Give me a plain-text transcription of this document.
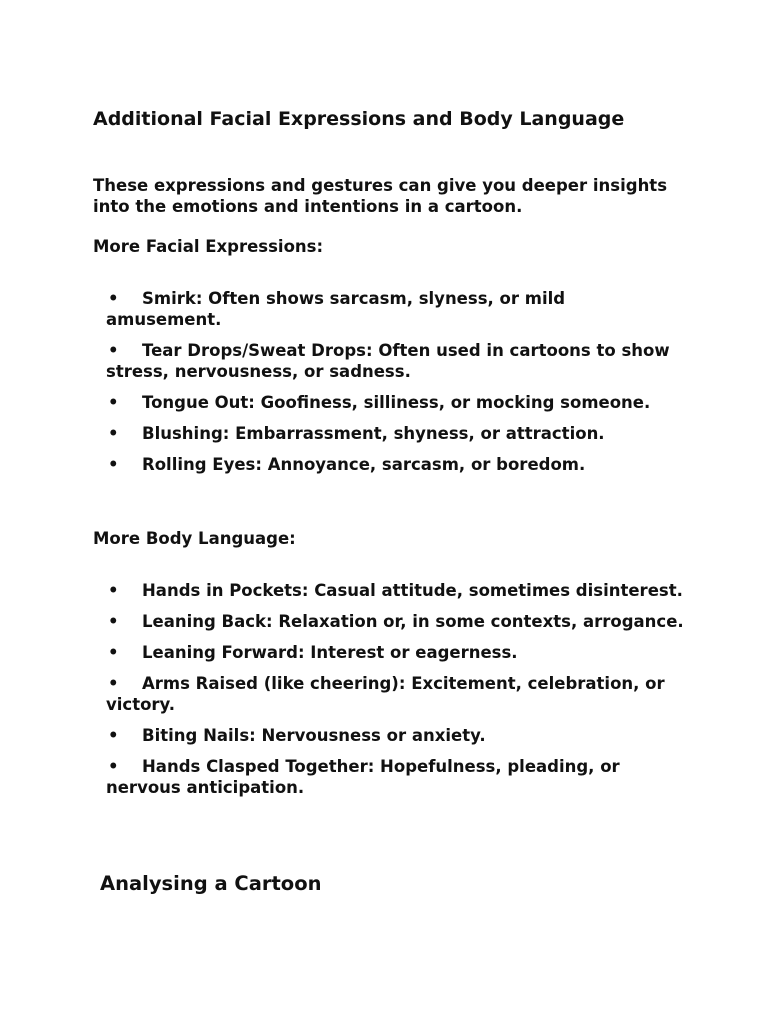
Additional Facial Expressions and Body Language

These expressions and gestures can give you deeper insights into the emotions and intentions in a cartoon.

More Facial Expressions:

• Smirk: Often shows sarcasm, slyness, or mild amusement.
• Tear Drops/Sweat Drops: Often used in cartoons to show stress, nervousness, or sadness.
• Tongue Out: Goofiness, silliness, or mocking someone.
• Blushing: Embarrassment, shyness, or attraction.
• Rolling Eyes: Annoyance, sarcasm, or boredom.

More Body Language:

• Hands in Pockets: Casual attitude, sometimes disinterest.
• Leaning Back: Relaxation or, in some contexts, arrogance.
• Leaning Forward: Interest or eagerness.
• Arms Raised (like cheering): Excitement, celebration, or victory.
• Biting Nails: Nervousness or anxiety.
• Hands Clasped Together: Hopefulness, pleading, or nervous anticipation.
Analysing a Cartoon
